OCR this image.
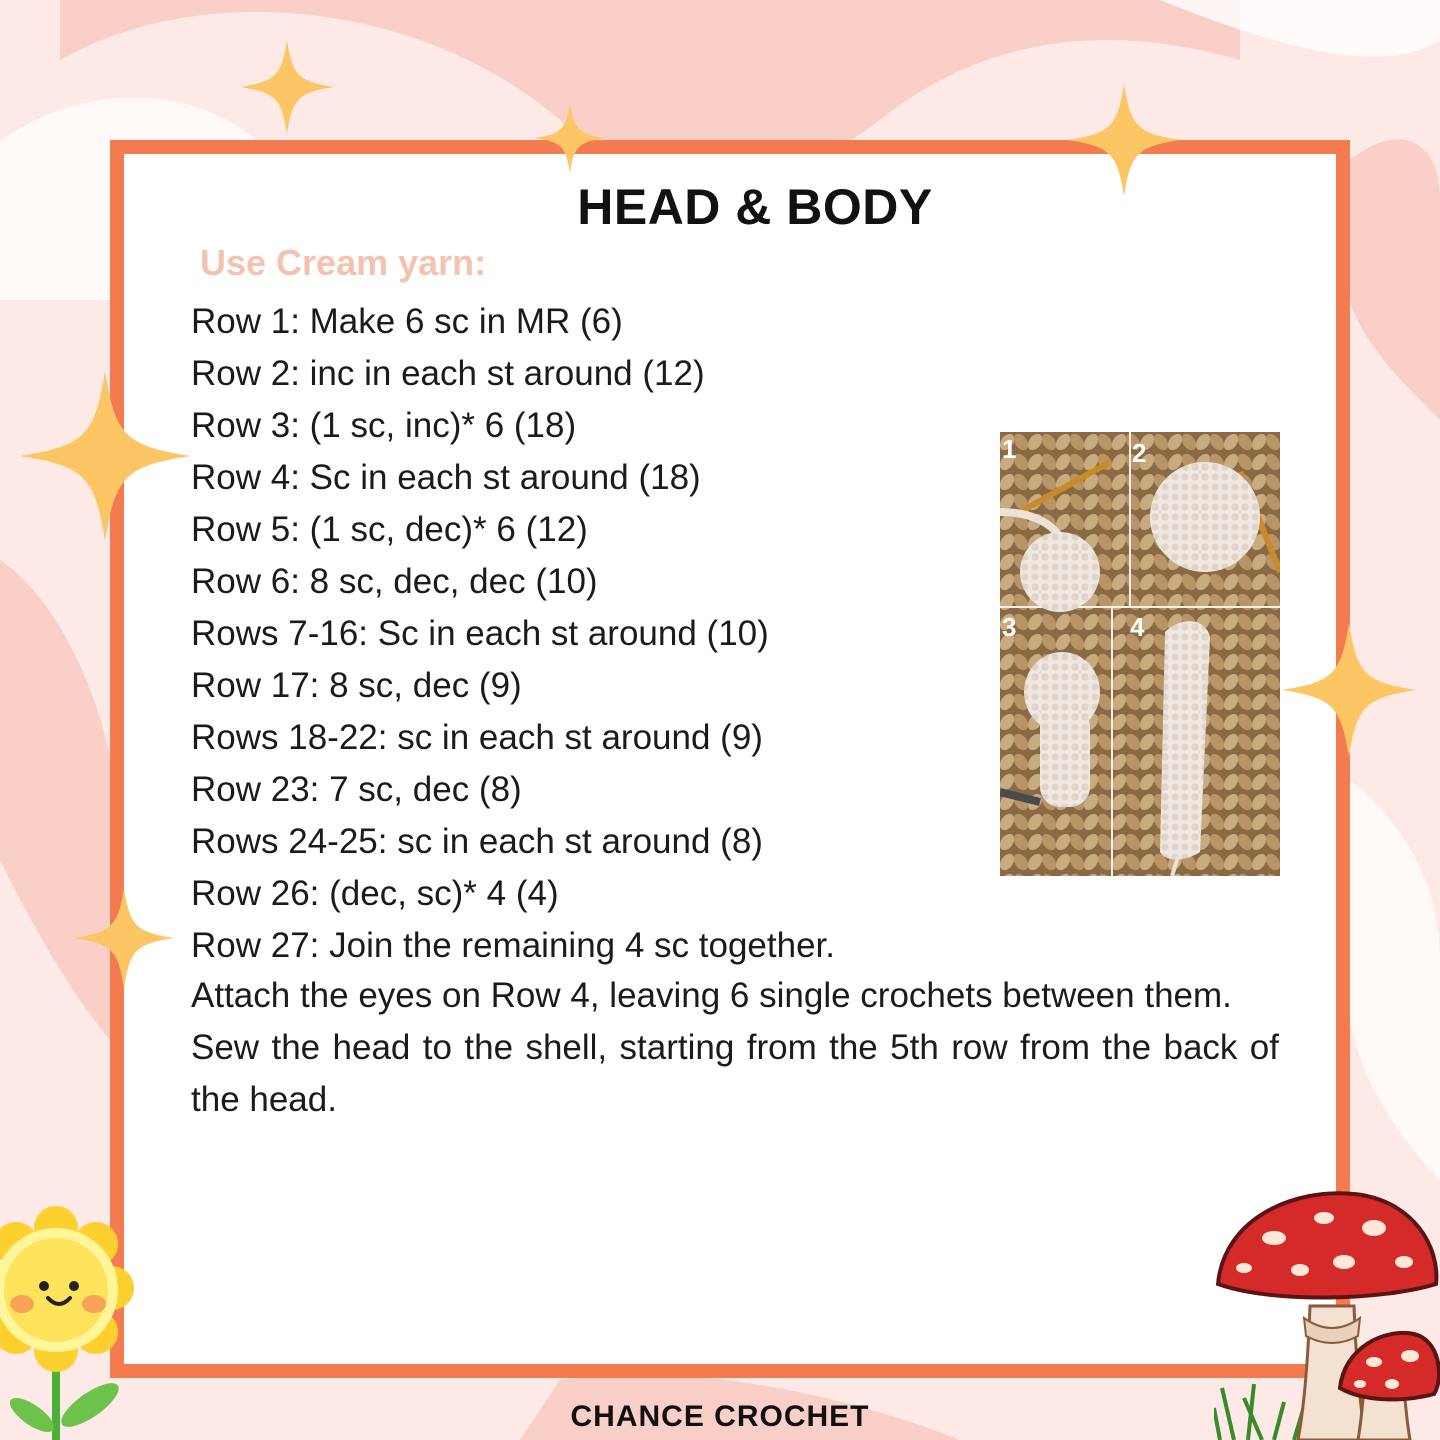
HEAD & BODY

Use Cream yarn:

Row 1: Make 6 sc in MR (6)
Row 2: inc in each st around (12)
Row 3: (1 sc, inc)* 6 (18)
Row 4: Sc in each st around (18)
Row 5: (1 sc, dec)* 6 (12)
Row 6: 8 sc, dec, dec (10)
Rows 7-16: Sc in each st around (10)
Row 17: 8 sc, dec (9)
Rows 18-22: sc in each st around (9)
Row 23: 7 sc, dec (8)
Rows 24-25: sc in each st around (8)
Row 26: (dec, sc)* 4 (4)
Row 27: Join the remaining 4 sc together.

Attach the eyes on Row 4, leaving 6 single crochets between them.

Sew the head to the shell, starting from the 5th row from the back of the head.

1	2
3	4
CHANCE CROCHET
